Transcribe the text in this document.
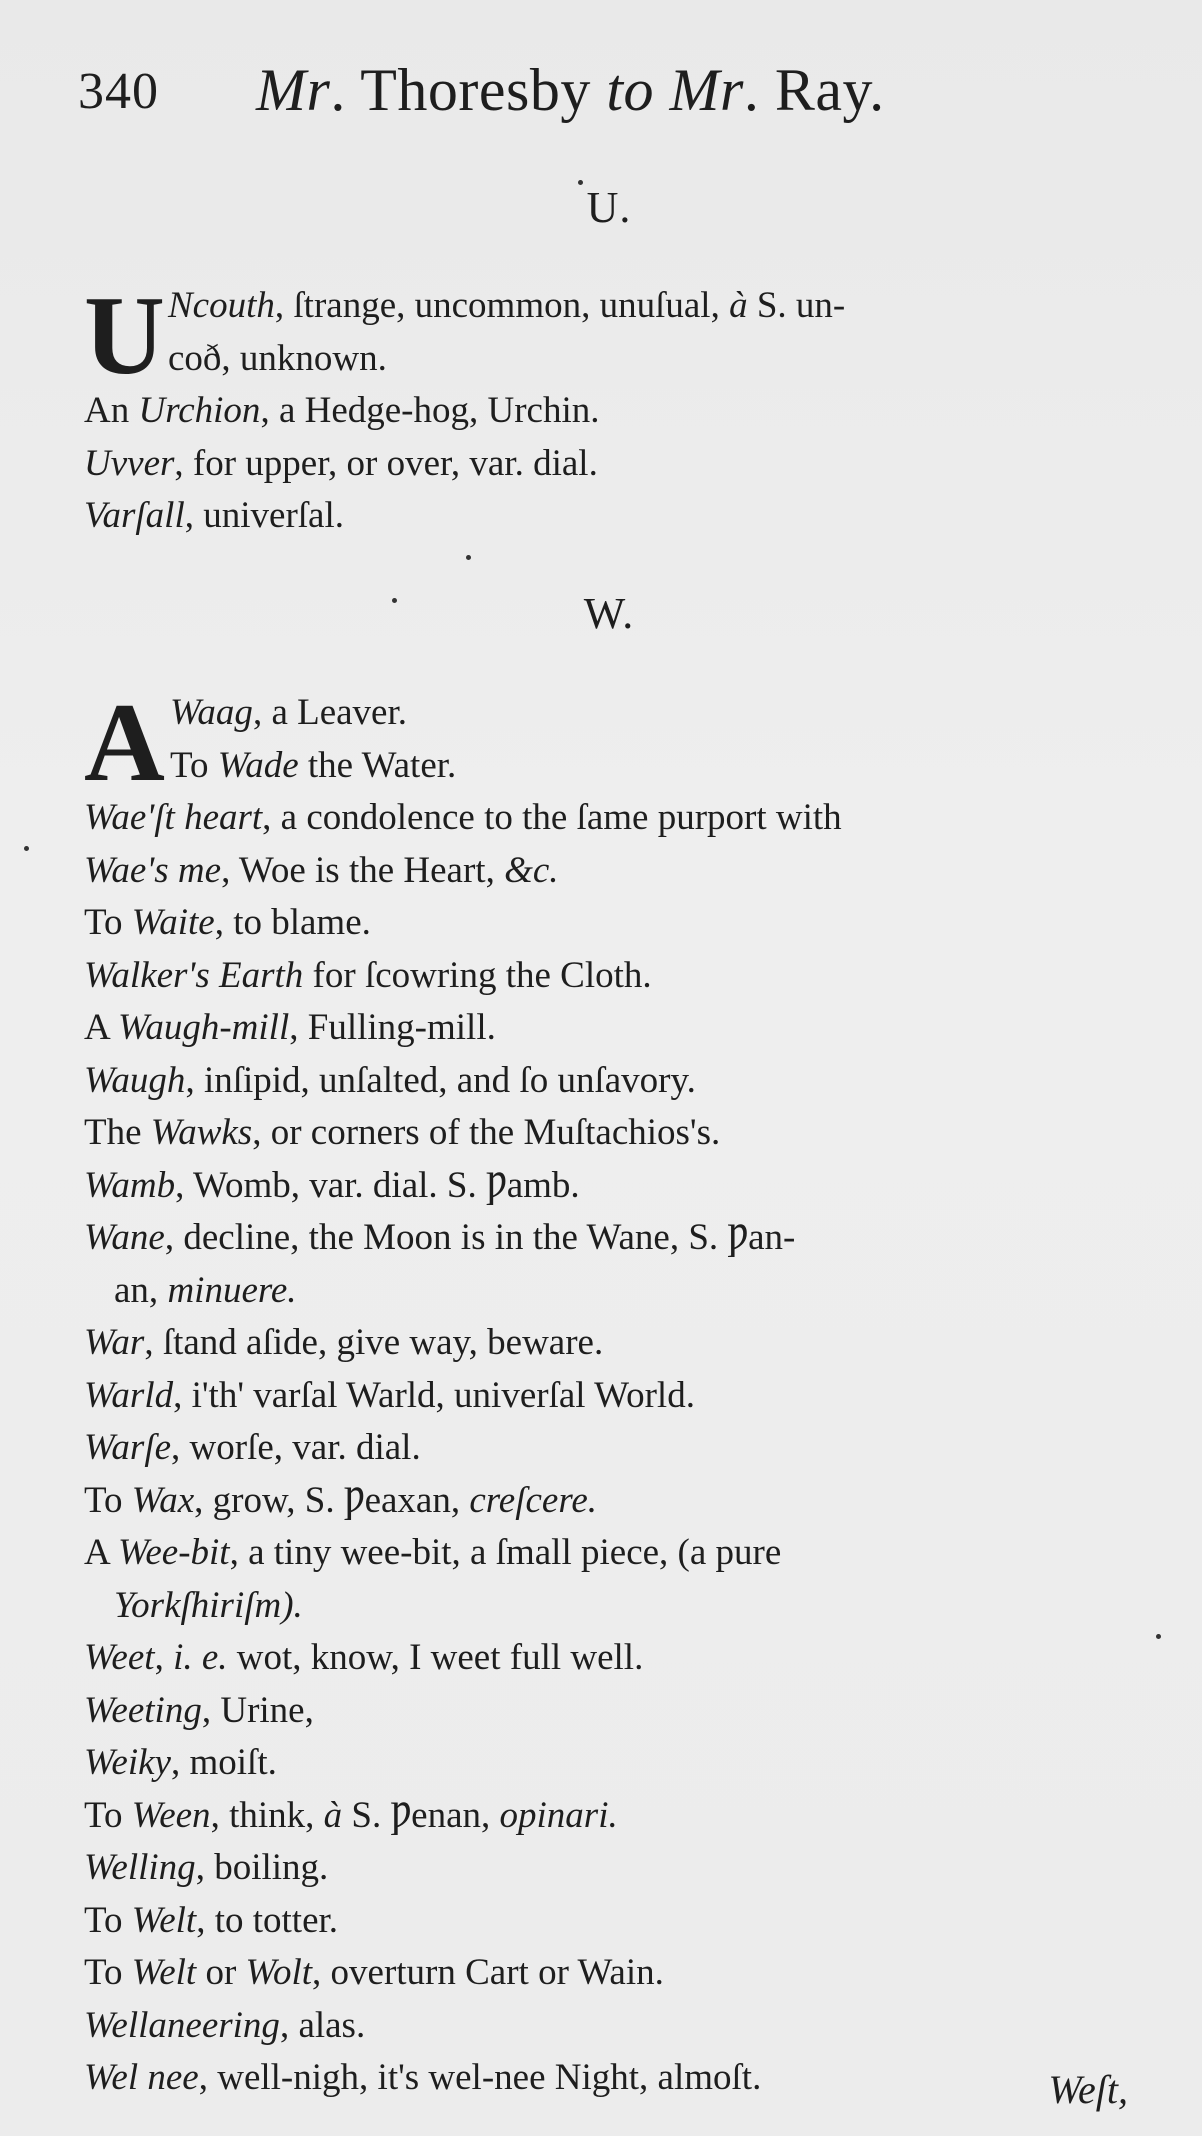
340 Mr. Thoresby to Mr. Ray.
U.
U Ncouth, ſtrange, uncommon, unuſual, à S. un-
coð, unknown.
An Urchion, a Hedge-hog, Urchin.
Uvver, for upper, or over, var. dial.
Varſall, univerſal.
W.
A Waag, a Leaver.
To Wade the Water.
Wae'ſt heart, a condolence to the ſame purport with
Wae's me, Woe is the Heart, &c.
To Waite, to blame.
Walker's Earth for ſcowring the Cloth.
A Waugh-mill, Fulling-mill.
Waugh, inſipid, unſalted, and ſo unſavory.
The Wawks, or corners of the Muſtachios's.
Wamb, Womb, var. dial. S. Ƿamb.
Wane, decline, the Moon is in the Wane, S. Ƿan-
an, minuere.
War, ſtand aſide, give way, beware.
Warld, i'th' varſal Warld, univerſal World.
Warſe, worſe, var. dial.
To Wax, grow, S. Ƿeaxan, creſcere.
A Wee-bit, a tiny wee-bit, a ſmall piece, (a pure
Yorkſhiriſm).
Weet, i. e. wot, know, I weet full well.
Weeting, Urine,
Weiky, moiſt.
To Ween, think, à S. Ƿenan, opinari.
Welling, boiling.
To Welt, to totter.
To Welt or Wolt, overturn Cart or Wain.
Wellaneering, alas.
Wel nee, well-nigh, it's wel-nee Night, almoſt.	Weſt,
